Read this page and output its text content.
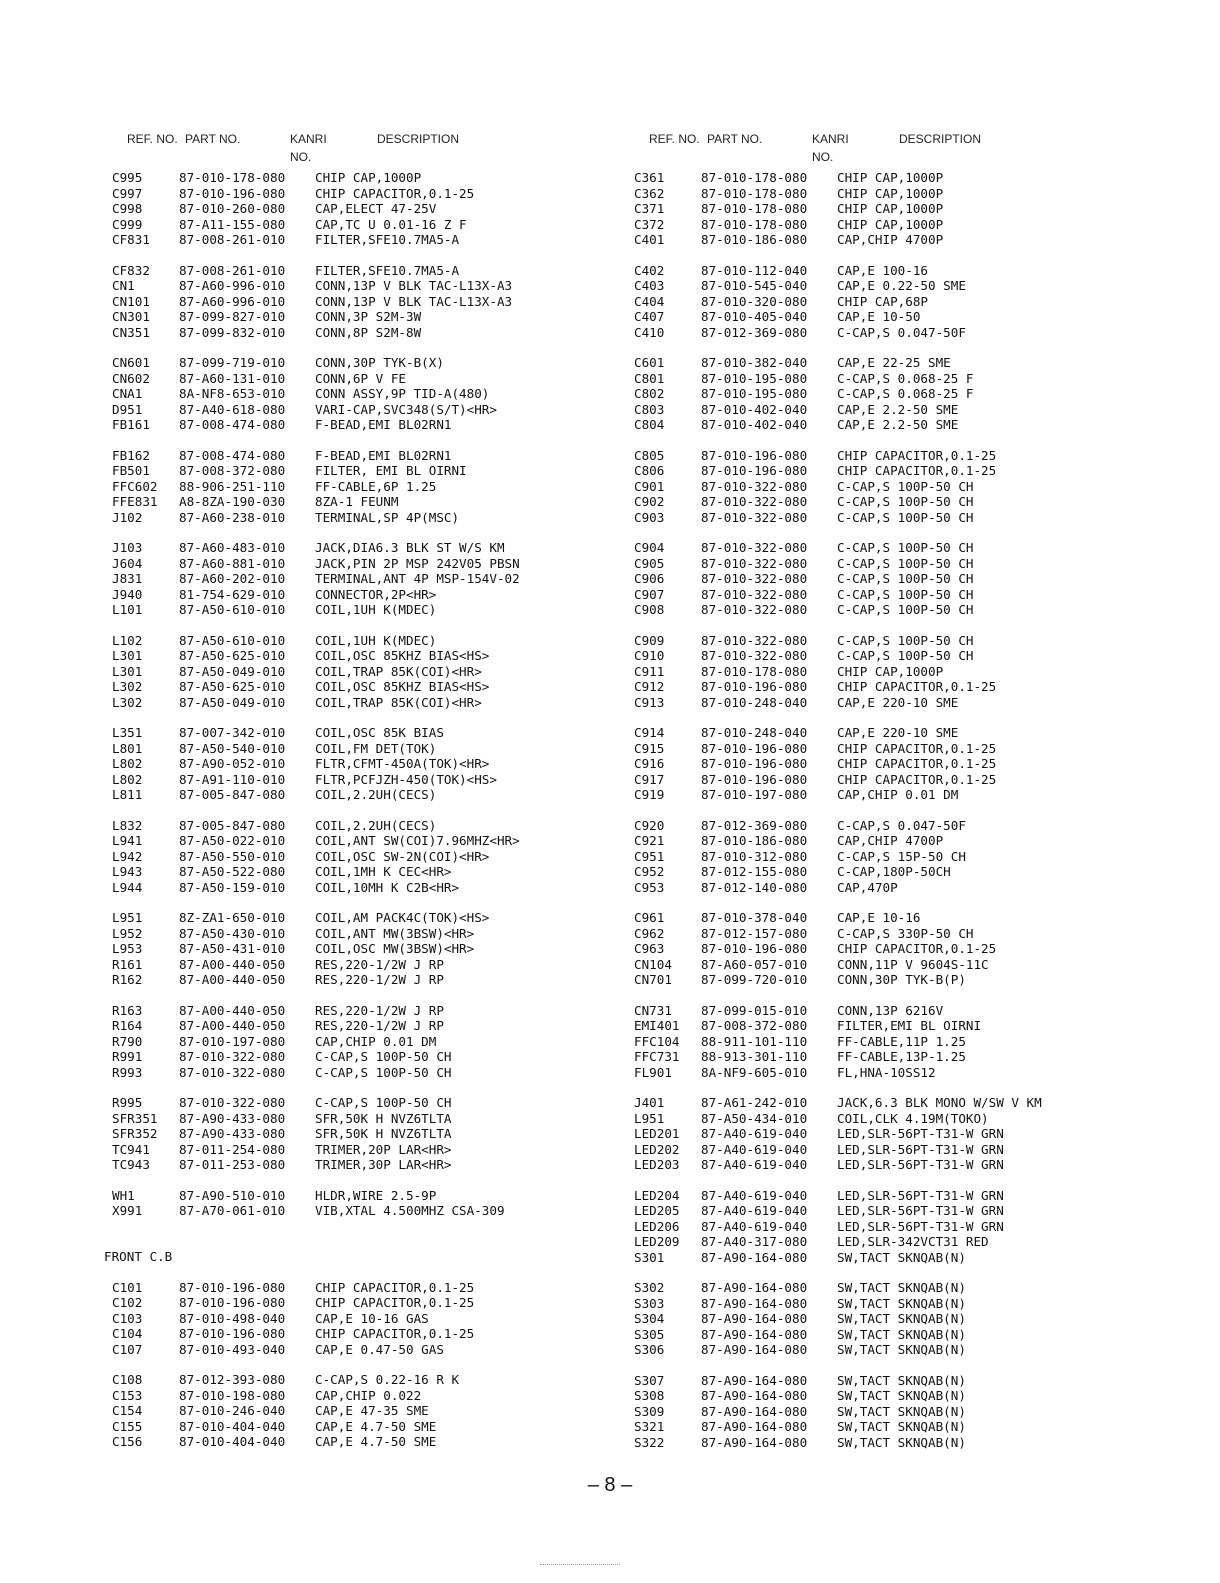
REF. NO. PART NO.	KANRI
NO.
DESCRIPTION
C995	87-010-178-080 CHIP CAP,1000P
C997	87-010-196-080 CHIP CAPACITOR,0.1-25
C998	87-010-260-080 CAP,ELECT 47-25V
C999	87-A11-155-080 CAP,TC U 0.01-16 Z F
CF831 87-008-261-010 FILTER,SFE10.7MA5-A
CF832 87-008-261-010 FILTER,SFE10.7MA5-A
CN1	87-A60-996-010 CONN,13P V BLK TAC-L13X-A3
CN101 87-A60-996-010 CONN,13P V BLK TAC-L13X-A3
CN301 87-099-827-010 CONN,3P S2M-3W
CN351 87-099-832-010 CONN,8P S2M-8W
CN601 87-099-719-010 CONN,30P TYK-B(X)
CN602 87-A60-131-010 CONN,6P V FE
CNA1	8A-NF8-653-010 CONN ASSY,9P TID-A(480)
D951	87-A40-618-080 VARI-CAP,SVC348(S/T)<HR>
FB161 87-008-474-080 F-BEAD,EMI BL02RN1
FB162 87-008-474-080 F-BEAD,EMI BL02RN1
FB501 87-008-372-080 FILTER, EMI BL OIRNI
FFC602 88-906-251-110 FF-CABLE,6P 1.25
FFE831 A8-8ZA-190-030 8ZA-1 FEUNM
J102	87-A60-238-010 TERMINAL,SP 4P(MSC)
J103	87-A60-483-010 JACK,DIA6.3 BLK ST W/S KM
J604	87-A60-881-010 JACK,PIN 2P MSP 242V05 PBSN
J831	87-A60-202-010 TERMINAL,ANT 4P MSP-154V-02
J940	81-754-629-010 CONNECTOR,2P<HR>
L101	87-A50-610-010 COIL,1UH K(MDEC)
L102	87-A50-610-010 COIL,1UH K(MDEC)
L301	87-A50-625-010 COIL,OSC 85KHZ BIAS<HS>
L301	87-A50-049-010 COIL,TRAP 85K(COI)<HR>
L302	87-A50-625-010 COIL,OSC 85KHZ BIAS<HS>
L302	87-A50-049-010 COIL,TRAP 85K(COI)<HR>
L351	87-007-342-010 COIL,OSC 85K BIAS
L801	87-A50-540-010 COIL,FM DET(TOK)
L802	87-A90-052-010 FLTR,CFMT-450A(TOK)<HR>
L802	87-A91-110-010 FLTR,PCFJZH-450(TOK)<HS>
L811	87-005-847-080 COIL,2.2UH(CECS)
L832	87-005-847-080 COIL,2.2UH(CECS)
L941	87-A50-022-010 COIL,ANT SW(COI)7.96MHZ<HR>
L942	87-A50-550-010 COIL,OSC SW-2N(COI)<HR>
L943	87-A50-522-080 COIL,1MH K CEC<HR>
L944	87-A50-159-010 COIL,10MH K C2B<HR>
L951	8Z-ZA1-650-010 COIL,AM PACK4C(TOK)<HS>
L952	87-A50-430-010 COIL,ANT MW(3BSW)<HR>
L953	87-A50-431-010 COIL,OSC MW(3BSW)<HR>
R161	87-A00-440-050 RES,220-1/2W J RP
R162	87-A00-440-050 RES,220-1/2W J RP
R163	87-A00-440-050 RES,220-1/2W J RP
R164	87-A00-440-050 RES,220-1/2W J RP
R790	87-010-197-080 CAP,CHIP 0.01 DM
R991	87-010-322-080 C-CAP,S 100P-50 CH
R993	87-010-322-080 C-CAP,S 100P-50 CH
R995	87-010-322-080 C-CAP,S 100P-50 CH
SFR351 87-A90-433-080 SFR,50K H NVZ6TLTA
SFR352 87-A90-433-080 SFR,50K H NVZ6TLTA
TC941 87-011-254-080 TRIMER,20P LAR<HR>
TC943 87-011-253-080 TRIMER,30P LAR<HR>
WH1	87-A90-510-010 HLDR,WIRE 2.5-9P
X991	87-A70-061-010 VIB,XTAL 4.500MHZ CSA-309
FRONT C.B
C101	87-010-196-080 CHIP CAPACITOR,0.1-25
C102	87-010-196-080 CHIP CAPACITOR,0.1-25
C103	87-010-498-040 CAP,E 10-16 GAS
C104	87-010-196-080 CHIP CAPACITOR,0.1-25
C107	87-010-493-040 CAP,E 0.47-50 GAS
C108	87-012-393-080 C-CAP,S 0.22-16 R K
C153	87-010-198-080 CAP,CHIP 0.022
C154	87-010-246-040 CAP,E 47-35 SME
C155	87-010-404-040 CAP,E 4.7-50 SME
C156	87-010-404-040 CAP,E 4.7-50 SME
REF. NO. PART NO.	KANRI
NO.
DESCRIPTION
C361	87-010-178-080 CHIP CAP,1000P
C362	87-010-178-080 CHIP CAP,1000P
C371	87-010-178-080 CHIP CAP,1000P
C372	87-010-178-080 CHIP CAP,1000P
C401	87-010-186-080 CAP,CHIP 4700P
C402	87-010-112-040 CAP,E 100-16
C403	87-010-545-040 CAP,E 0.22-50 SME
C404	87-010-320-080 CHIP CAP,68P
C407	87-010-405-040 CAP,E 10-50
C410	87-012-369-080 C-CAP,S 0.047-50F
C601	87-010-382-040 CAP,E 22-25 SME
C801	87-010-195-080 C-CAP,S 0.068-25 F
C802	87-010-195-080 C-CAP,S 0.068-25 F
C803	87-010-402-040 CAP,E 2.2-50 SME
C804	87-010-402-040 CAP,E 2.2-50 SME
C805	87-010-196-080 CHIP CAPACITOR,0.1-25
C806	87-010-196-080 CHIP CAPACITOR,0.1-25
C901	87-010-322-080 C-CAP,S 100P-50 CH
C902	87-010-322-080 C-CAP,S 100P-50 CH
C903	87-010-322-080 C-CAP,S 100P-50 CH
C904	87-010-322-080 C-CAP,S 100P-50 CH
C905	87-010-322-080 C-CAP,S 100P-50 CH
C906	87-010-322-080 C-CAP,S 100P-50 CH
C907	87-010-322-080 C-CAP,S 100P-50 CH
C908	87-010-322-080 C-CAP,S 100P-50 CH
C909	87-010-322-080 C-CAP,S 100P-50 CH
C910	87-010-322-080 C-CAP,S 100P-50 CH
C911	87-010-178-080 CHIP CAP,1000P
C912	87-010-196-080 CHIP CAPACITOR,0.1-25
C913	87-010-248-040 CAP,E 220-10 SME
C914	87-010-248-040 CAP,E 220-10 SME
C915	87-010-196-080 CHIP CAPACITOR,0.1-25
C916	87-010-196-080 CHIP CAPACITOR,0.1-25
C917	87-010-196-080 CHIP CAPACITOR,0.1-25
C919	87-010-197-080 CAP,CHIP 0.01 DM
C920	87-012-369-080 C-CAP,S 0.047-50F
C921	87-010-186-080 CAP,CHIP 4700P
C951	87-010-312-080 C-CAP,S 15P-50 CH
C952	87-012-155-080 C-CAP,180P-50CH
C953	87-012-140-080 CAP,470P
C961	87-010-378-040 CAP,E 10-16
C962	87-012-157-080 C-CAP,S 330P-50 CH
C963	87-010-196-080 CHIP CAPACITOR,0.1-25
CN104 87-A60-057-010 CONN,11P V 9604S-11C
CN701 87-099-720-010 CONN,30P TYK-B(P)
CN731 87-099-015-010 CONN,13P 6216V
EMI401 87-008-372-080 FILTER,EMI BL OIRNI
FFC104 88-911-101-110 FF-CABLE,11P 1.25
FFC731 88-913-301-110 FF-CABLE,13P-1.25
FL901 8A-NF9-605-010 FL,HNA-10SS12
J401	87-A61-242-010 JACK,6.3 BLK MONO W/SW V KM
L951	87-A50-434-010 COIL,CLK 4.19M(TOKO)
LED201 87-A40-619-040 LED,SLR-56PT-T31-W GRN
LED202 87-A40-619-040 LED,SLR-56PT-T31-W GRN
LED203 87-A40-619-040 LED,SLR-56PT-T31-W GRN
LED204 87-A40-619-040 LED,SLR-56PT-T31-W GRN
LED205 87-A40-619-040 LED,SLR-56PT-T31-W GRN
LED206 87-A40-619-040 LED,SLR-56PT-T31-W GRN
LED209 87-A40-317-080 LED,SLR-342VCT31 RED
S301	87-A90-164-080 SW,TACT SKNQAB(N)
S302	87-A90-164-080 SW,TACT SKNQAB(N)
S303	87-A90-164-080 SW,TACT SKNQAB(N)
S304	87-A90-164-080 SW,TACT SKNQAB(N)
S305	87-A90-164-080 SW,TACT SKNQAB(N)
S306	87-A90-164-080 SW,TACT SKNQAB(N)
S307	87-A90-164-080 SW,TACT SKNQAB(N)
S308	87-A90-164-080 SW,TACT SKNQAB(N)
S309	87-A90-164-080 SW,TACT SKNQAB(N)
S321	87-A90-164-080 SW,TACT SKNQAB(N)
S322	87-A90-164-080 SW,TACT SKNQAB(N)
– 8 –
